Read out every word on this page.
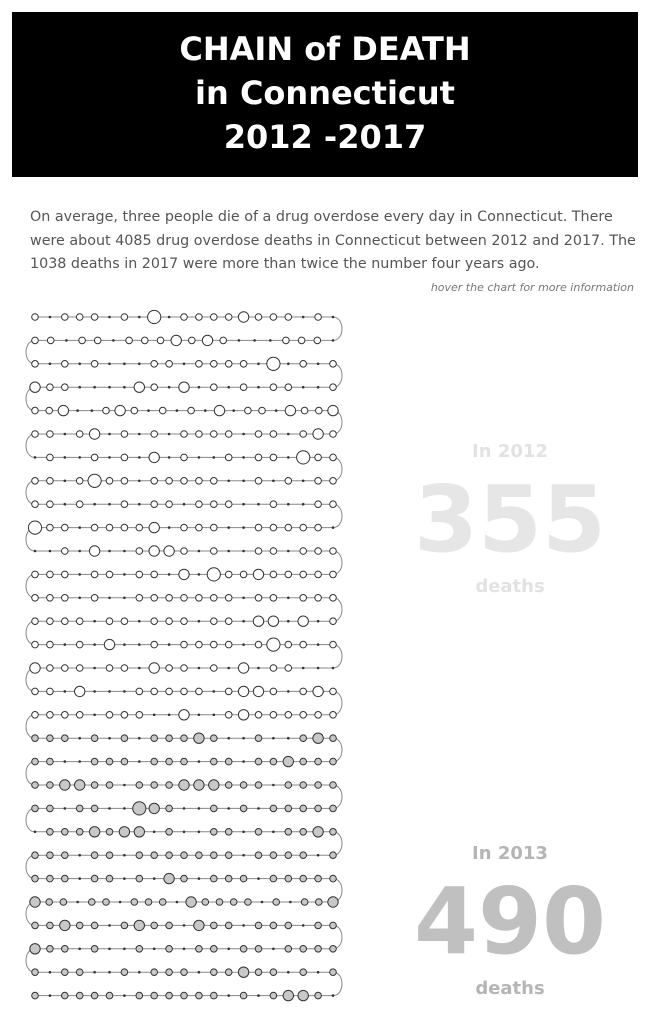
CHAIN of DEATH
in Connecticut
2012 -2017
On average, three people die of a drug overdose every day in Connecticut. There were about 4085 drug overdose deaths in Connecticut between 2012 and 2017. The 1038 deaths in 2017 were more than twice the number four years ago.
hover the chart for more information
In 2012
355
deaths
In 2013
490
deaths
